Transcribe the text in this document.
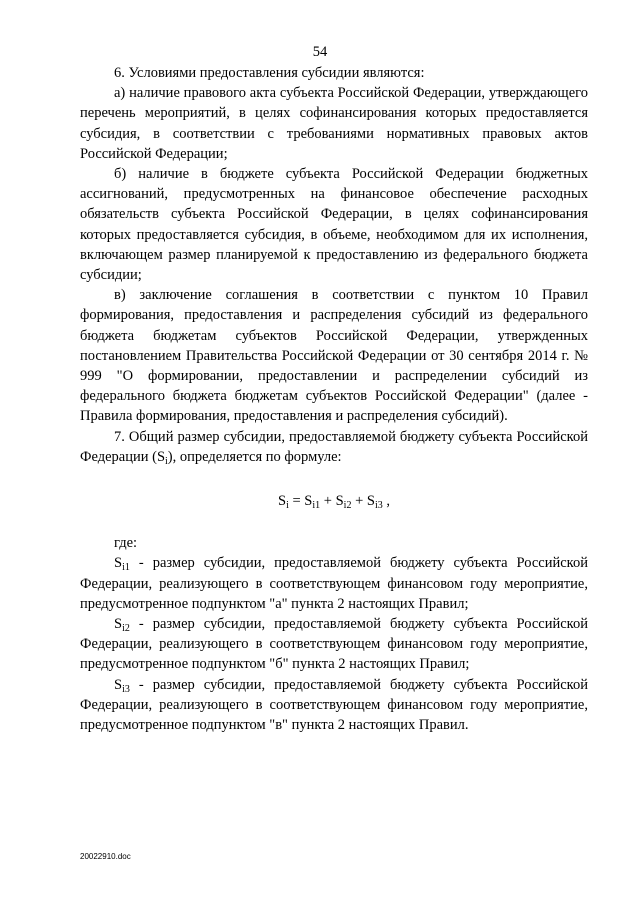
54

6. Условиями предоставления субсидии являются:

а) наличие правового акта субъекта Российской Федерации, утверждающего перечень мероприятий, в целях софинансирования которых предоставляется субсидия, в соответствии с требованиями нормативных правовых актов Российской Федерации;

б) наличие в бюджете субъекта Российской Федерации бюджетных ассигнований, предусмотренных на финансовое обеспечение расходных обязательств субъекта Российской Федерации, в целях софинансирования которых предоставляется субсидия, в объеме, необходимом для их исполнения, включающем размер планируемой к предоставлению из федерального бюджета субсидии;

в) заключение соглашения в соответствии с пунктом 10 Правил формирования, предоставления и распределения субсидий из федерального бюджета бюджетам субъектов Российской Федерации, утвержденных постановлением Правительства Российской Федерации от 30 сентября 2014 г. № 999 "О формировании, предоставлении и распределении субсидий из федерального бюджета бюджетам субъектов Российской Федерации" (далее - Правила формирования, предоставления и распределения субсидий).

7. Общий размер субсидии, предоставляемой бюджету субъекта Российской Федерации $(S_i)$, определяется по формуле:

$S_i = S_{i1} + S_{i2} + S_{i3}$ ,

где:

$S_{i1}$ - размер субсидии, предоставляемой бюджету субъекта Российской Федерации, реализующего в соответствующем финансовом году мероприятие, предусмотренное подпунктом "а" пункта 2 настоящих Правил;

$S_{i2}$ - размер субсидии, предоставляемой бюджету субъекта Российской Федерации, реализующего в соответствующем финансовом году мероприятие, предусмотренное подпунктом "б" пункта 2 настоящих Правил;

$S_{i3}$ - размер субсидии, предоставляемой бюджету субъекта Российской Федерации, реализующего в соответствующем финансовом году мероприятие, предусмотренное подпунктом "в" пункта 2 настоящих Правил.

20022910.doc
